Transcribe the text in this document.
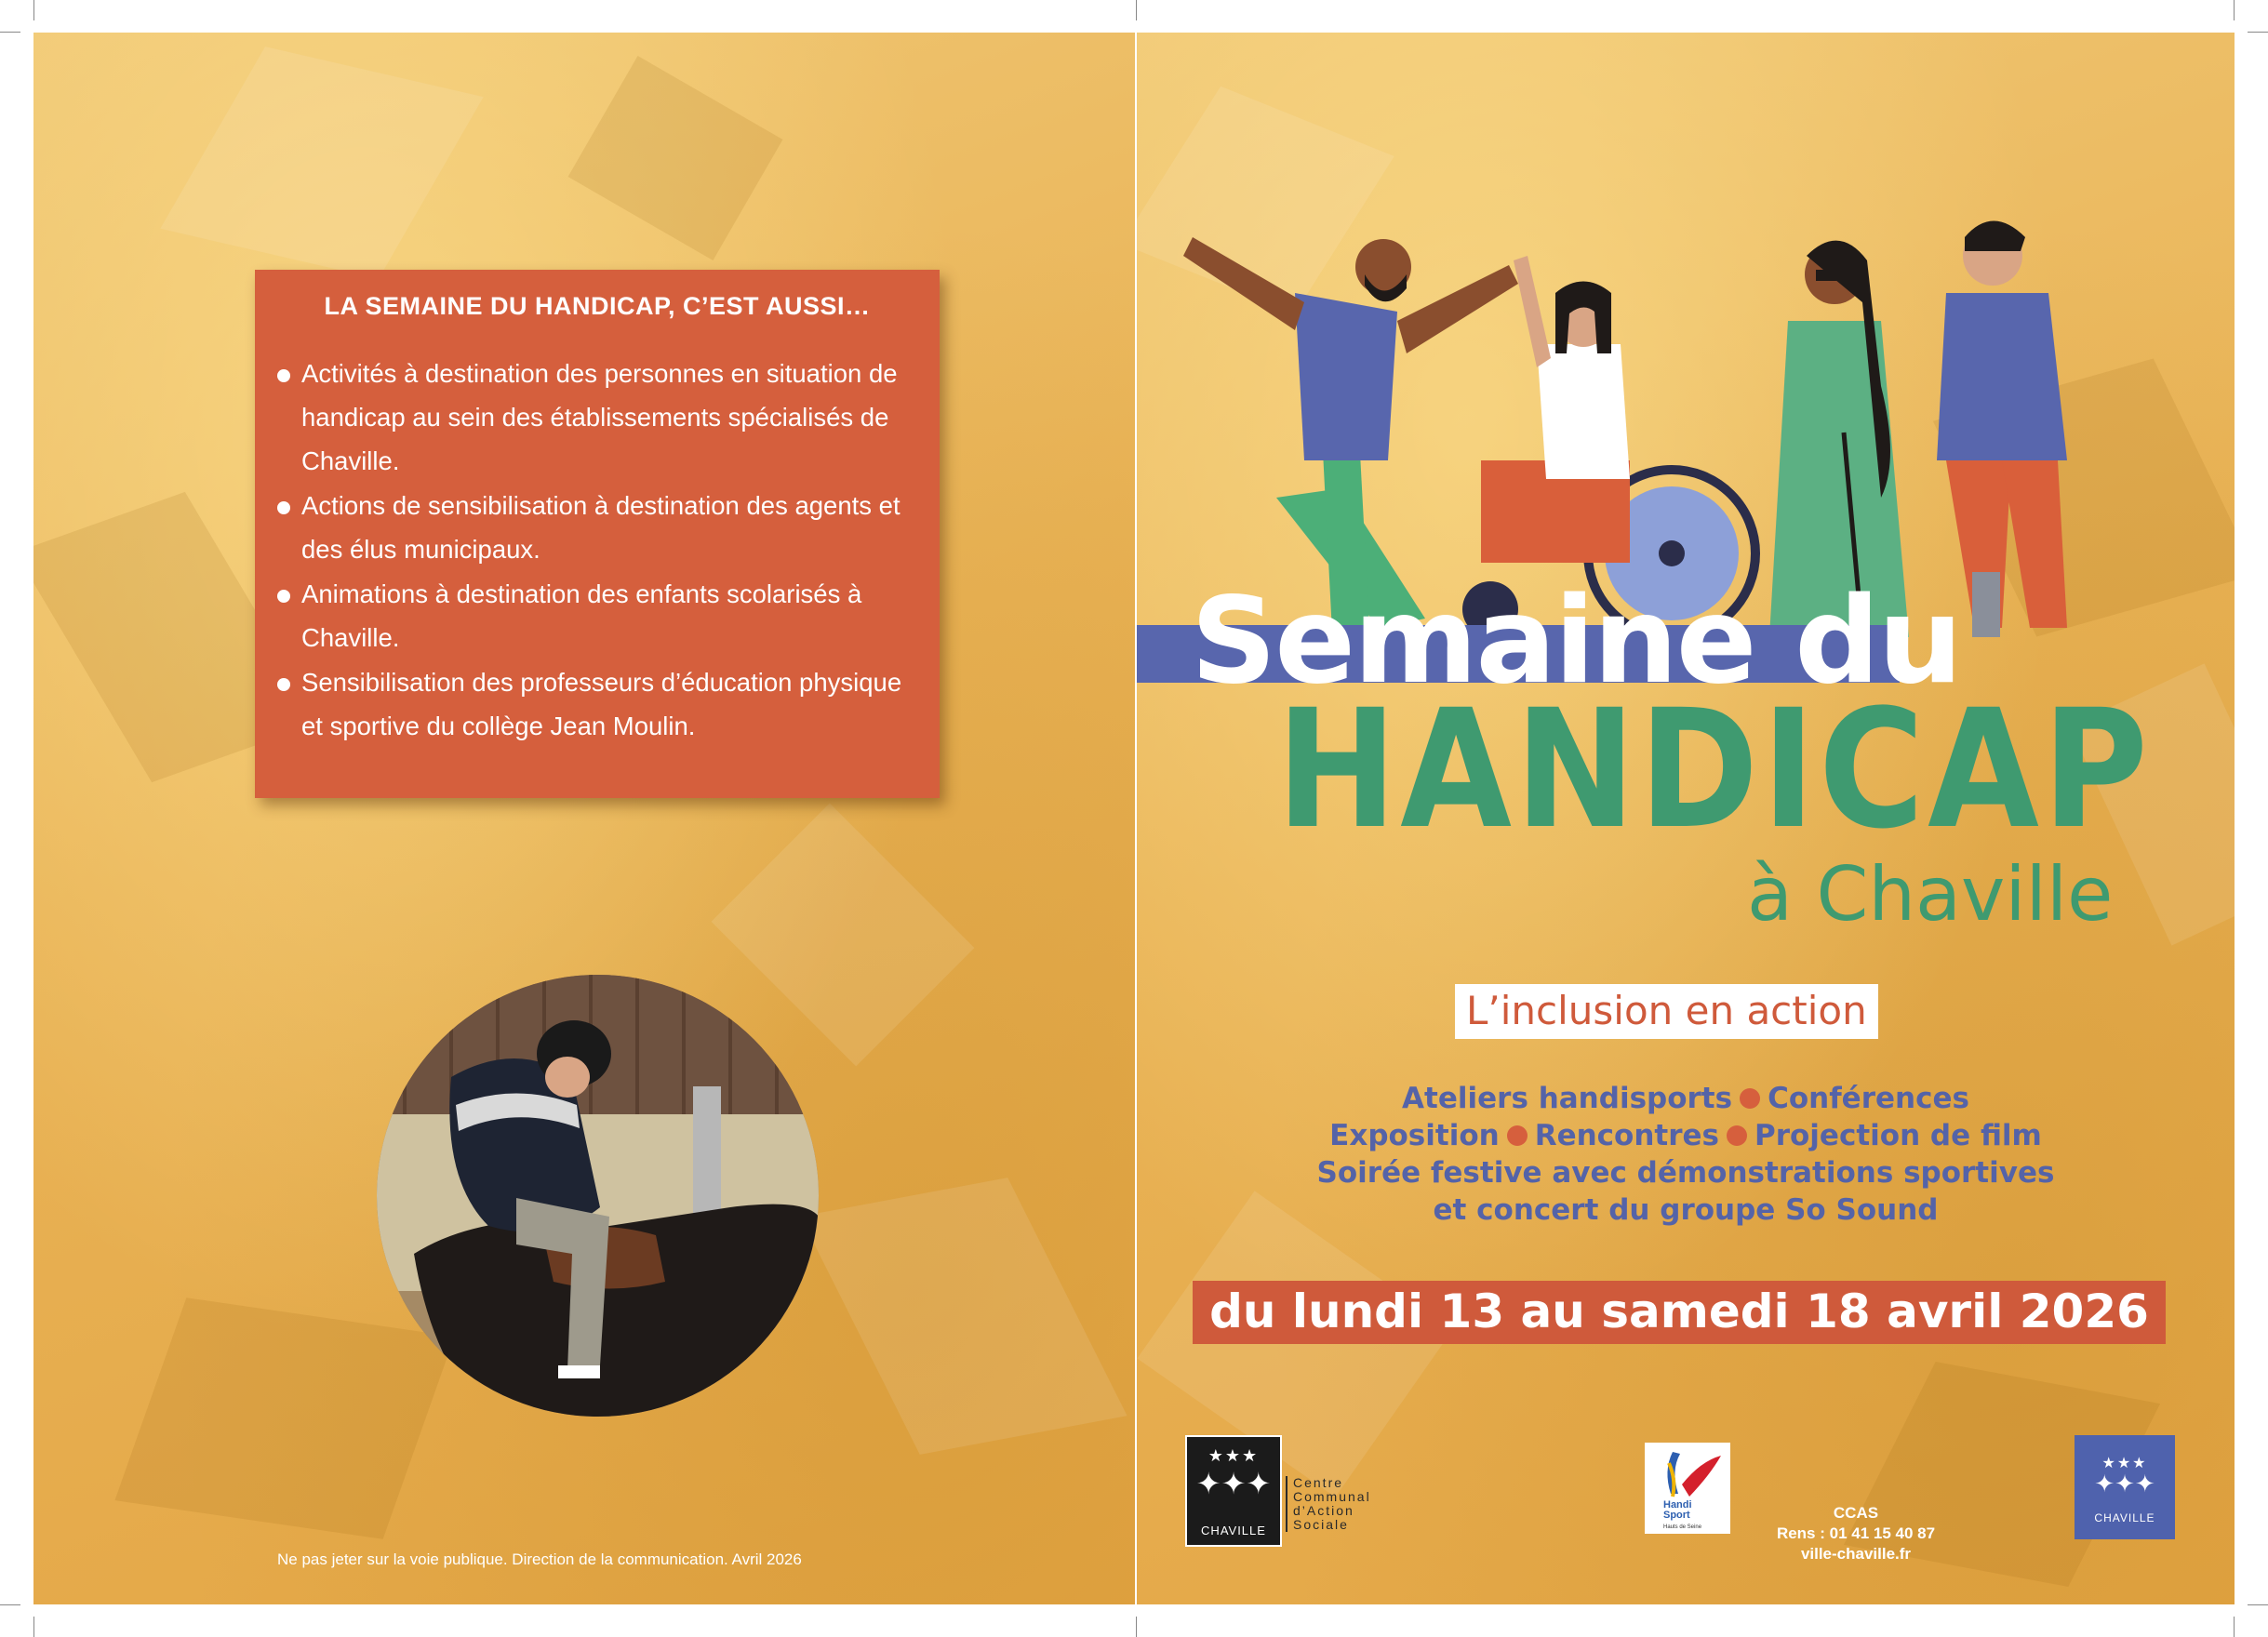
LA SEMAINE DU HANDICAP, C’EST AUSSI…
Activités à destination des personnes en situation de handicap au sein des établissements spécialisés de Chaville.
Actions de sensibilisation à destination des agents et des élus municipaux.
Animations à destination des enfants scolarisés à Chaville.
Sensibilisation des professeurs d’éducation physique et sportive du collège Jean Moulin.
Ne pas jeter sur la voie publique. Direction de la communication. Avril 2026
Semaine du
HANDICAP
à Chaville
L’inclusion en action
Ateliers handisports Conférences
Exposition Rencontres Projection de film
Soirée festive avec démonstrations sportives
et concert du groupe So Sound
du lundi 13 au samedi 18 avril 2026
★★★
✦✦✦
CHAVILLE
Centre
Communal
d’Action
Sociale
Handi
Sport
Hauts de Seine
CCAS
Rens : 01 41 15 40 87
ville-chaville.fr
★★★
✦✦✦
CHAVILLE
